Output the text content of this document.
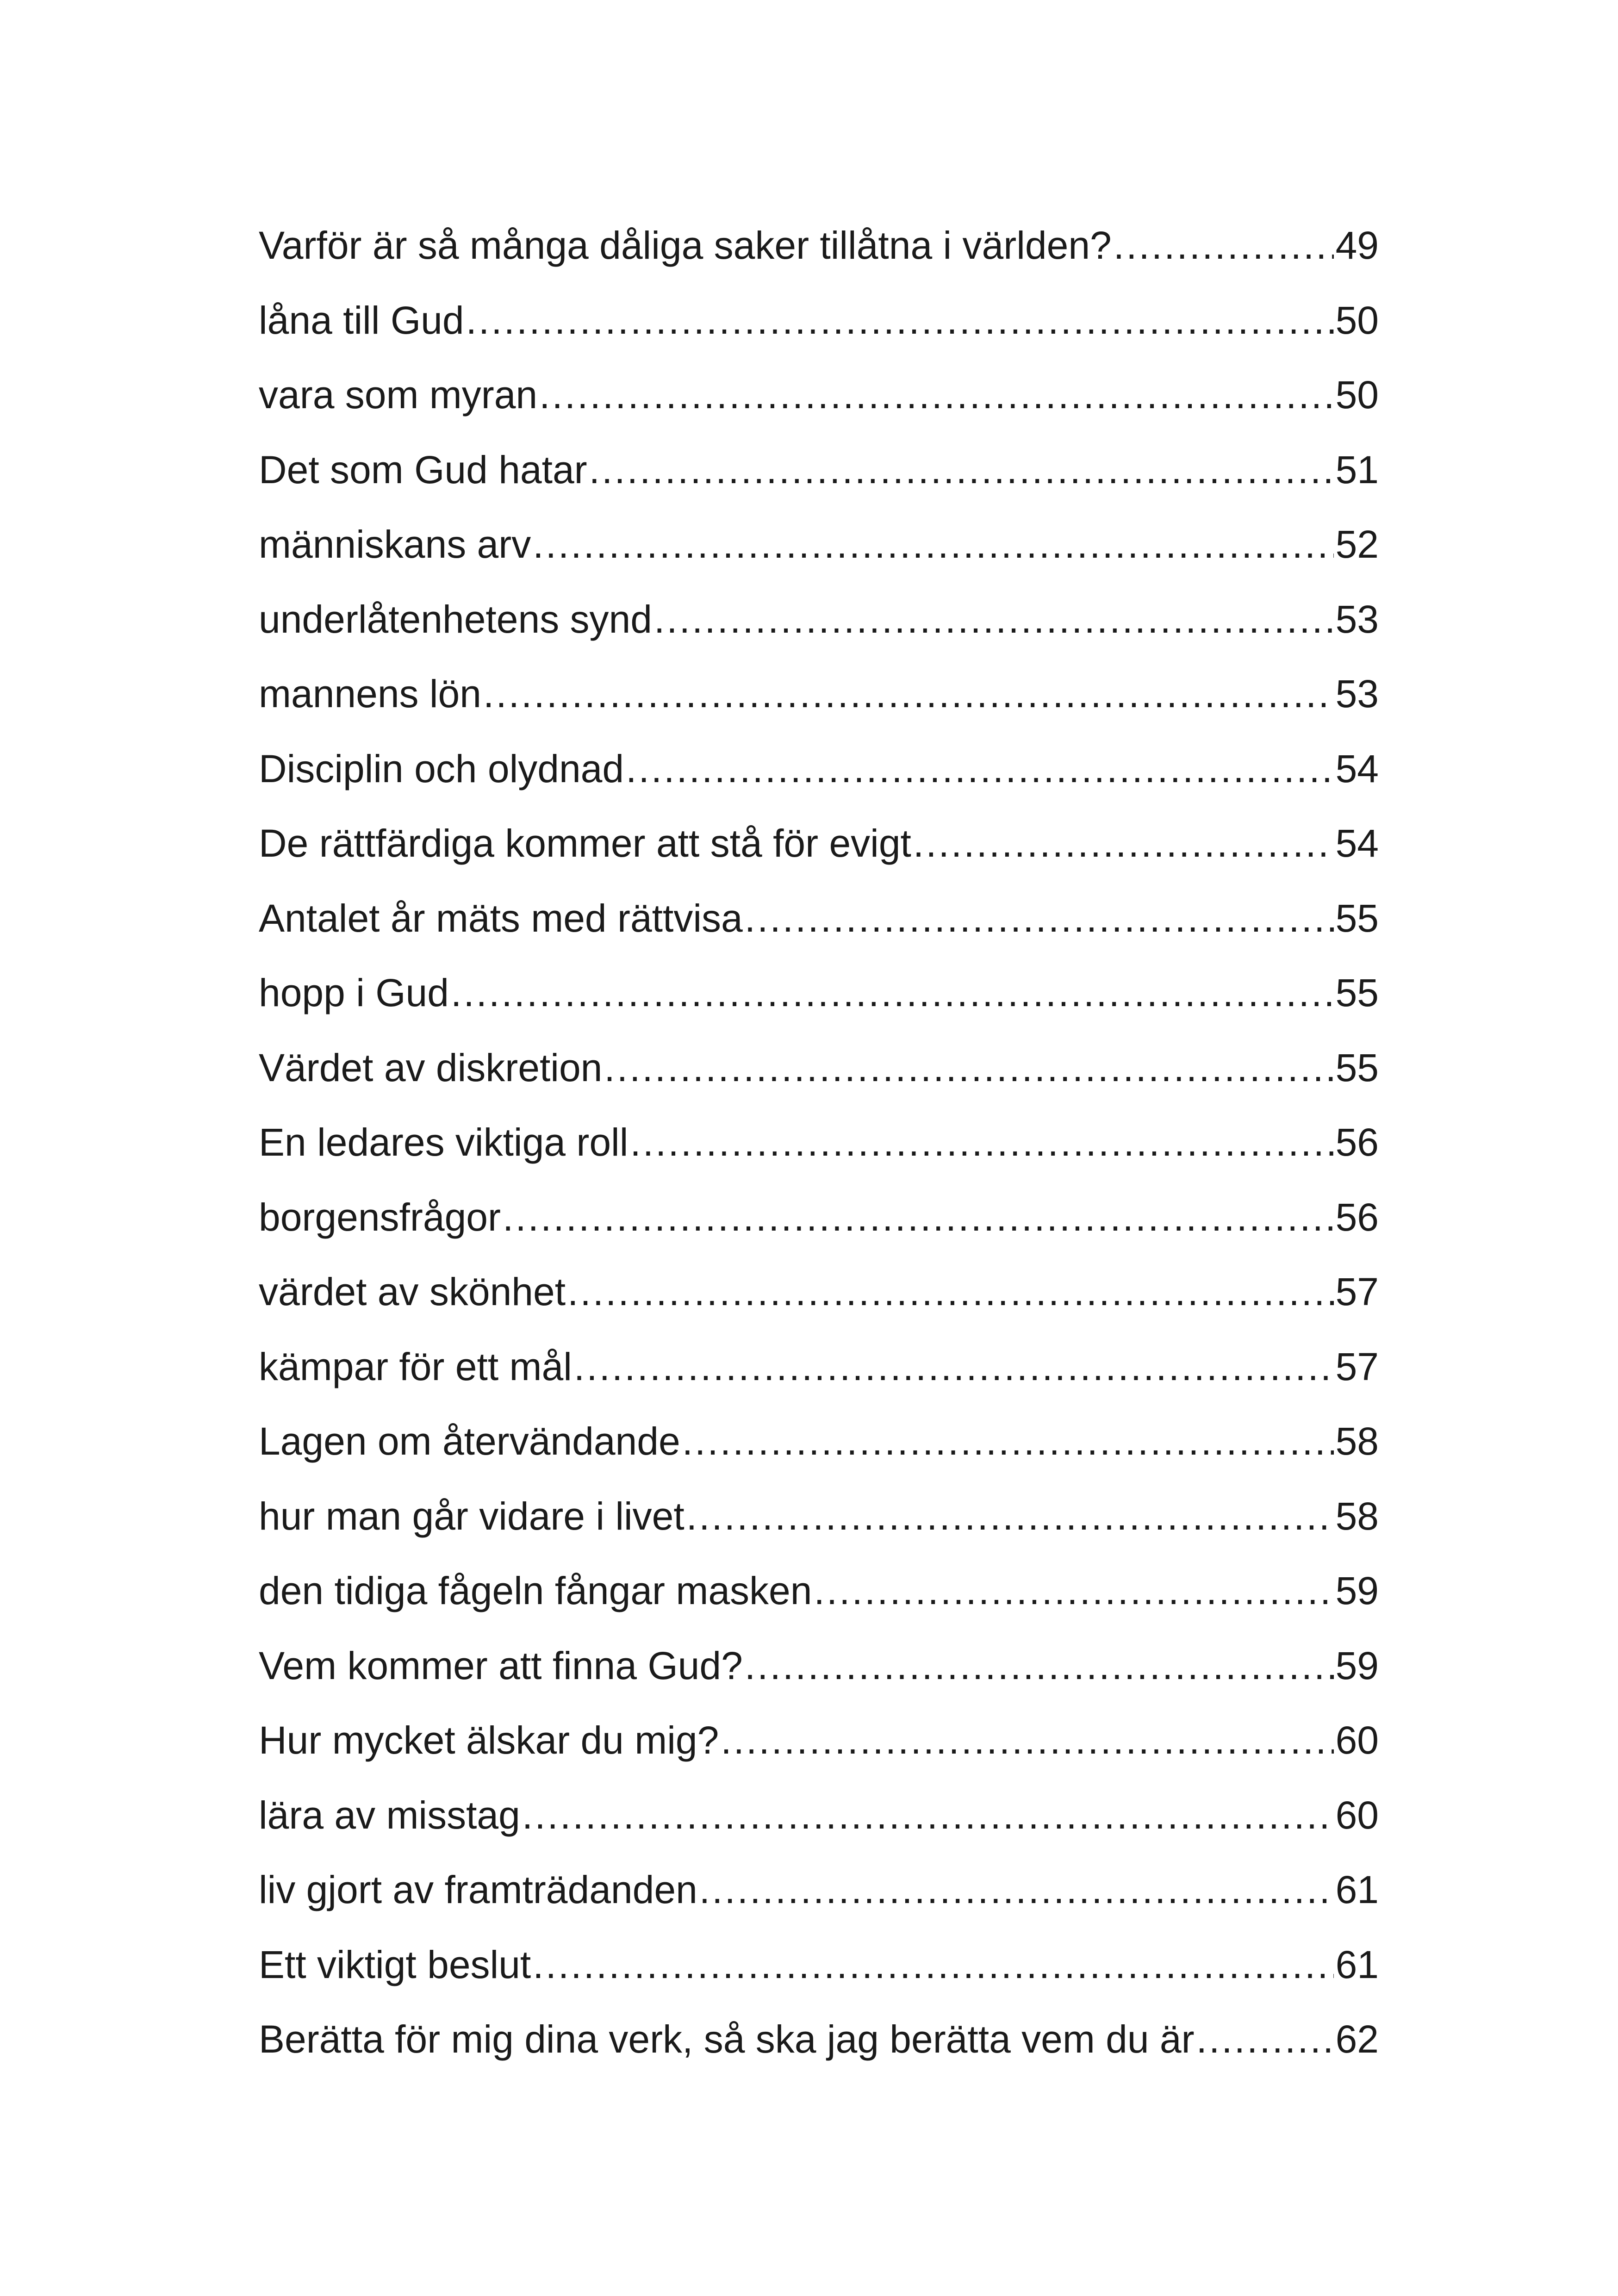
Varför är så många dåliga saker tillåtna i världen? .....	49
låna till Gud .....	50
vara som myran .....	50
Det som Gud hatar .....	51
människans arv .....	52
underlåtenhetens synd .....	53
mannens lön .....	53
Disciplin och olydnad .....	54
De rättfärdiga kommer att stå för evigt .....	54
Antalet år mäts med rättvisa .....	55
hopp i Gud .....	55
Värdet av diskretion .....	55
En ledares viktiga roll .....	56
borgensfrågor .....	56
värdet av skönhet .....	57
kämpar för ett mål .....	57
Lagen om återvändande .....	58
hur man går vidare i livet .....	58
den tidiga fågeln fångar masken .....	59
Vem kommer att finna Gud? .....	59
Hur mycket älskar du mig? .....	60
lära av misstag .....	60
liv gjort av framträdanden .....	61
Ett viktigt beslut .....	61
Berätta för mig dina verk, så ska jag berätta vem du är .....	62
